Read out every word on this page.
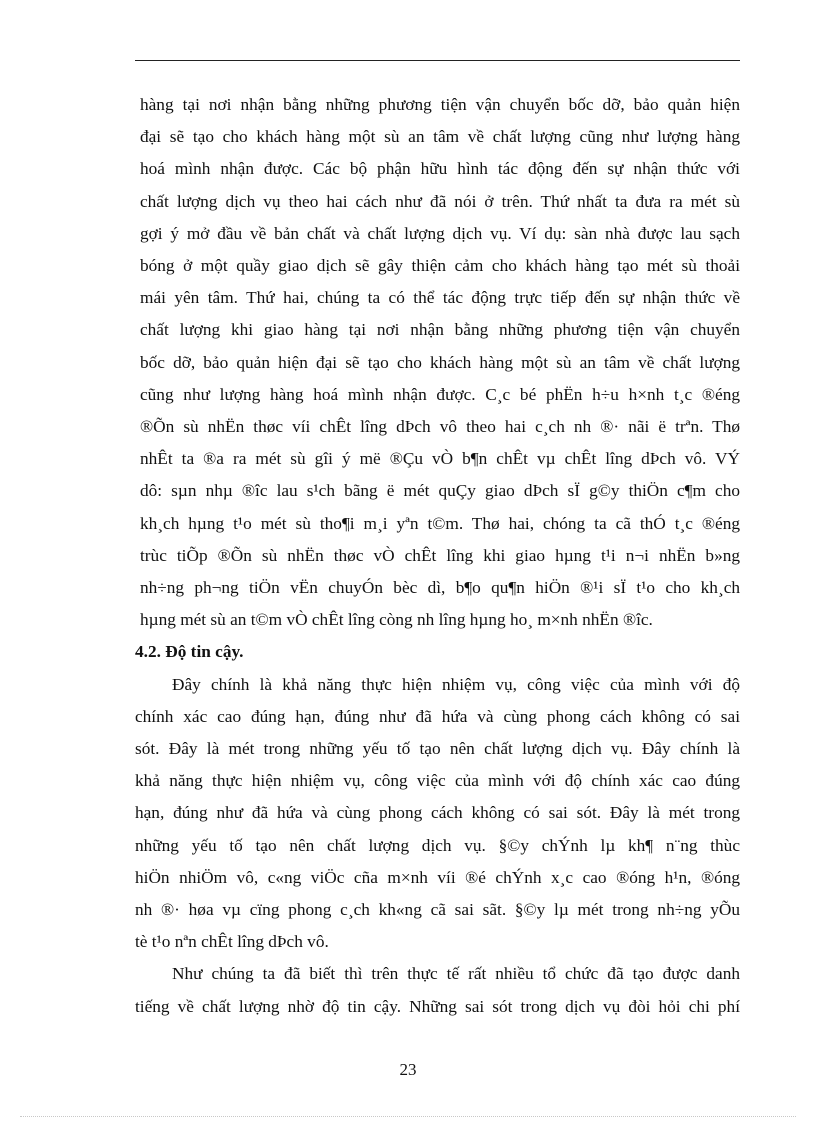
hàng tại nơi nhận bằng những phương tiện vận chuyển bốc dỡ, bảo quản hiện

đại sẽ tạo cho khách hàng một sù an tâm về chất lượng cũng như lượng hàng

hoá mình nhận được. Các bộ phận hữu hình tác động đến sự nhận thức với

chất lượng dịch vụ theo hai cách như đã nói ở trên. Thứ nhất ta đưa ra mét sù

gợi ý mở đầu về bản chất và chất lượng dịch vụ. Ví dụ: sàn nhà được lau sạch

bóng ở một quầy giao dịch sẽ gây thiện cảm cho khách hàng tạo mét sù thoải

mái yên tâm. Thứ hai, chúng ta có thể tác động trực tiếp đến sự nhận thức về

chất lượng khi giao hàng tại nơi nhận bằng những phương tiện vận chuyển

bốc dỡ, bảo quản hiện đại sẽ tạo cho khách hàng một sù an tâm về chất lượng

cũng như lượng hàng hoá mình nhận được. C¸c bé phËn h÷u h×nh t¸c ®éng

®Õn sù nhËn thøc víi chÊt lîng dÞch vô theo hai c¸ch nh ®· nãi ë trªn. Thø

nhÊt ta ®a ra mét sù gîi ý më ®Çu vÒ b¶n chÊt vµ chÊt lîng dÞch vô. VÝ

dô: sµn nhµ ®îc lau s¹ch bãng ë mét quÇy giao dÞch sÏ g©y thiÖn c¶m cho

kh¸ch hµng t¹o mét sù tho¶i m¸i yªn t©m. Thø hai, chóng ta cã thÓ t¸c ®éng

trùc tiÕp ®Õn sù nhËn thøc vÒ chÊt lîng khi giao hµng t¹i n¬i nhËn b»ng

nh÷ng ph¬ng tiÖn vËn chuyÓn bèc dì, b¶o qu¶n hiÖn ®¹i sÏ t¹o cho kh¸ch

hµng mét sù an t©m vÒ chÊt lîng còng nh lîng hµng ho¸ m×nh nhËn ®îc.

4.2. Độ tin cậy.

Đây chính là khả năng thực hiện nhiệm vụ, công việc của mình với độ

chính xác cao đúng hạn, đúng như đã hứa và cùng phong cách không có sai

sót. Đây là mét trong những yếu tố tạo nên chất lượng dịch vụ. Đây chính là

khả năng thực hiện nhiệm vụ, công việc của mình với độ chính xác cao đúng

hạn, đúng như đã hứa và cùng phong cách không có sai sót. Đây là mét trong

những yếu tố tạo nên chất lượng dịch vụ. §©y chÝnh lµ kh¶ n¨ng thùc

hiÖn nhiÖm vô, c«ng viÖc cña m×nh víi ®é chÝnh x¸c cao ®óng h¹n, ®óng

nh ®· høa vµ cïng phong c¸ch kh«ng cã sai sãt. §©y lµ mét trong nh÷ng yÕu

tè t¹o nªn chÊt lîng dÞch vô.

Như chúng ta đã biết thì trên thực tế rất nhiều tổ chức đã tạo được danh

tiếng về chất lượng nhờ độ tin cậy. Những sai sót trong dịch vụ đòi hỏi chi phí

23
